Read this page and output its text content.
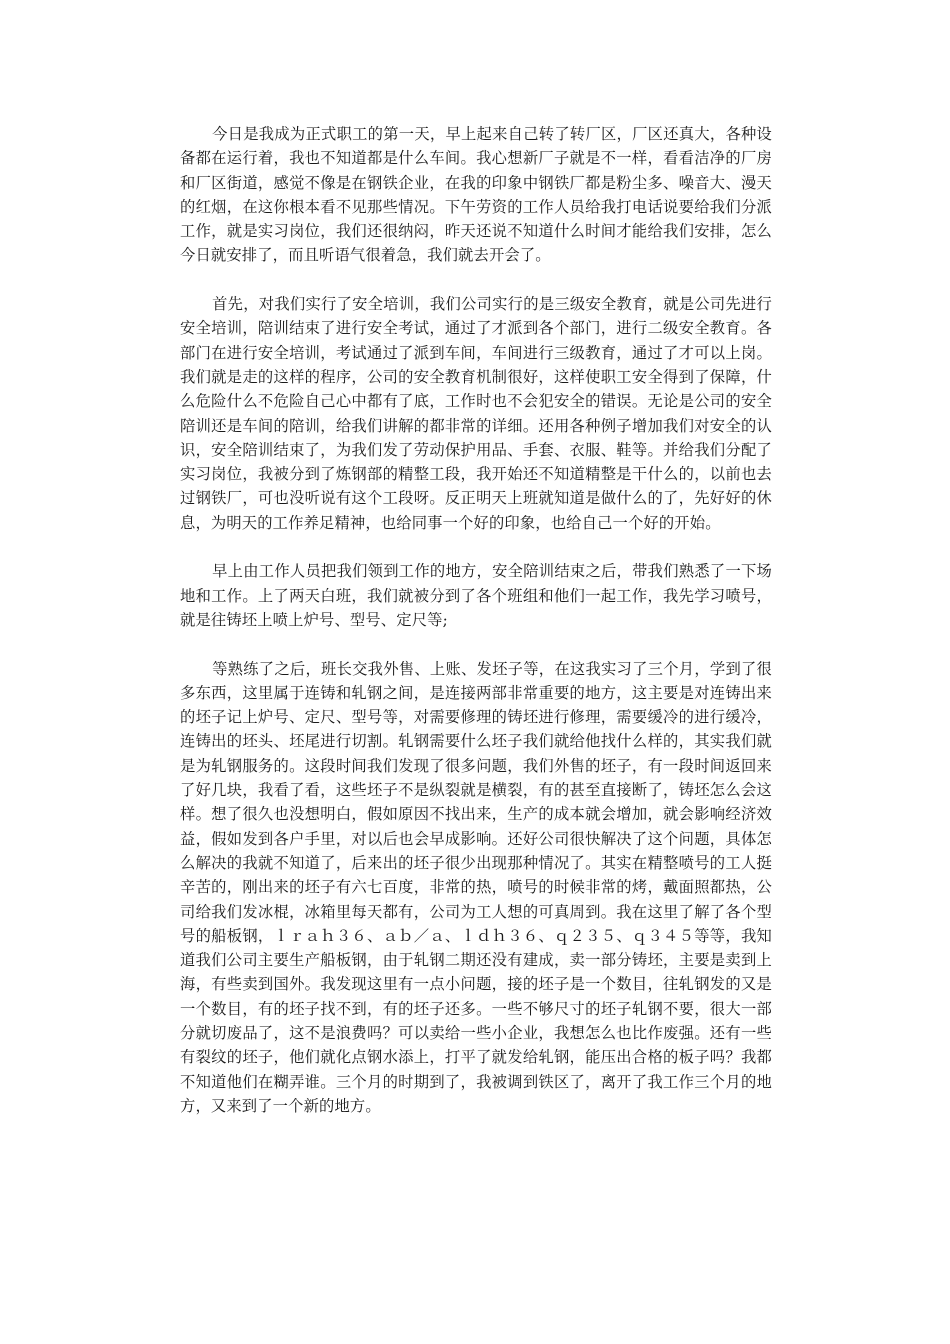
今日是我成为正式职工的第一天，早上起来自己转了转厂区，厂区还真大，各种设备都在运行着，我也不知道都是什么车间。我心想新厂子就是不一样，看看洁净的厂房和厂区街道，感觉不像是在钢铁企业，在我的印象中钢铁厂都是粉尘多、噪音大、漫天的红烟，在这你根本看不见那些情况。下午劳资的工作人员给我打电话说要给我们分派工作，就是实习岗位，我们还很纳闷，昨天还说不知道什么时间才能给我们安排，怎么今日就安排了，而且听语气很着急，我们就去开会了。

首先，对我们实行了安全培训，我们公司实行的是三级安全教育，就是公司先进行安全培训，陪训结束了进行安全考试，通过了才派到各个部门，进行二级安全教育。各部门在进行安全培训，考试通过了派到车间，车间进行三级教育，通过了才可以上岗。我们就是走的这样的程序，公司的安全教育机制很好，这样使职工安全得到了保障，什么危险什么不危险自己心中都有了底，工作时也不会犯安全的错误。无论是公司的安全陪训还是车间的陪训，给我们讲解的都非常的详细。还用各种例子增加我们对安全的认识，安全陪训结束了，为我们发了劳动保护用品、手套、衣服、鞋等。并给我们分配了实习岗位，我被分到了炼钢部的精整工段，我开始还不知道精整是干什么的，以前也去过钢铁厂，可也没听说有这个工段呀。反正明天上班就知道是做什么的了，先好好的休息，为明天的工作养足精神，也给同事一个好的印象，也给自己一个好的开始。

早上由工作人员把我们领到工作的地方，安全陪训结束之后，带我们熟悉了一下场地和工作。上了两天白班，我们就被分到了各个班组和他们一起工作，我先学习喷号，就是往铸坯上喷上炉号、型号、定尺等;

等熟练了之后，班长交我外售、上账、发坯子等，在这我实习了三个月，学到了很多东西，这里属于连铸和轧钢之间，是连接两部非常重要的地方，这主要是对连铸出来的坯子记上炉号、定尺、型号等，对需要修理的铸坯进行修理，需要缓冷的进行缓冷，连铸出的坯头、坯尾进行切割。轧钢需要什么坯子我们就给他找什么样的，其实我们就是为轧钢服务的。这段时间我们发现了很多问题，我们外售的坯子，有一段时间返回来了好几块，我看了看，这些坯子不是纵裂就是横裂，有的甚至直接断了，铸坯怎么会这样。想了很久也没想明白，假如原因不找出来，生产的成本就会增加，就会影响经济效益，假如发到各户手里，对以后也会早成影响。还好公司很快解决了这个问题，具体怎么解决的我就不知道了，后来出的坯子很少出现那种情况了。其实在精整喷号的工人挺辛苦的，刚出来的坯子有六七百度，非常的热，喷号的时候非常的烤，戴面照都热，公司给我们发冰棍，冰箱里每天都有，公司为工人想的可真周到。我在这里了解了各个型号的船板钢，ｌｒａｈ３６、ａｂ／ａ、ｌｄｈ３６、ｑ２３５、ｑ３４５等等，我知道我们公司主要生产船板钢，由于轧钢二期还没有建成，卖一部分铸坯，主要是卖到上海，有些卖到国外。我发现这里有一点小问题，接的坯子是一个数目，往轧钢发的又是一个数目，有的坯子找不到，有的坯子还多。一些不够尺寸的坯子轧钢不要，很大一部分就切废品了，这不是浪费吗？可以卖给一些小企业，我想怎么也比作废强。还有一些有裂纹的坯子，他们就化点钢水添上，打平了就发给轧钢，能压出合格的板子吗？我都不知道他们在糊弄谁。三个月的时期到了，我被调到铁区了，离开了我工作三个月的地方，又来到了一个新的地方。
